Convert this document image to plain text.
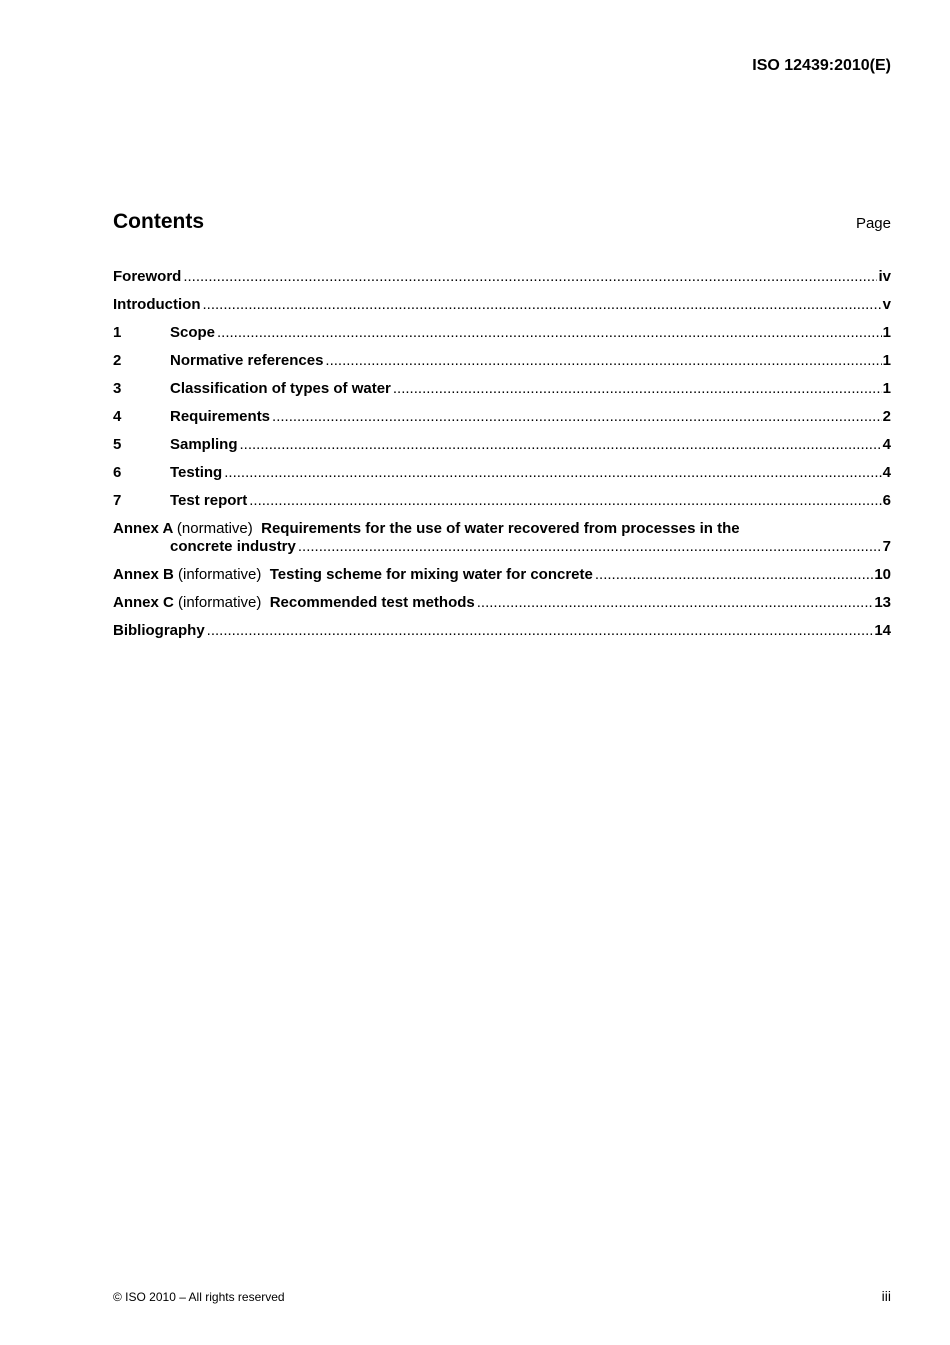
ISO 12439:2010(E)
Contents	Page
Foreword .....	iv
Introduction .....	v
1	Scope .....	1
2	Normative references .....	1
3	Classification of types of water .....	1
4	Requirements .....	2
5	Sampling .....	4
6	Testing .....	4
7	Test report .....	6
Annex A (normative) Requirements for the use of water recovered from processes in the
concrete industry .....	7
Annex B (informative) Testing scheme for mixing water for concrete .....	10
Annex C (informative) Recommended test methods .....	13
Bibliography .....	14
© ISO 2010 – All rights reserved	iii
